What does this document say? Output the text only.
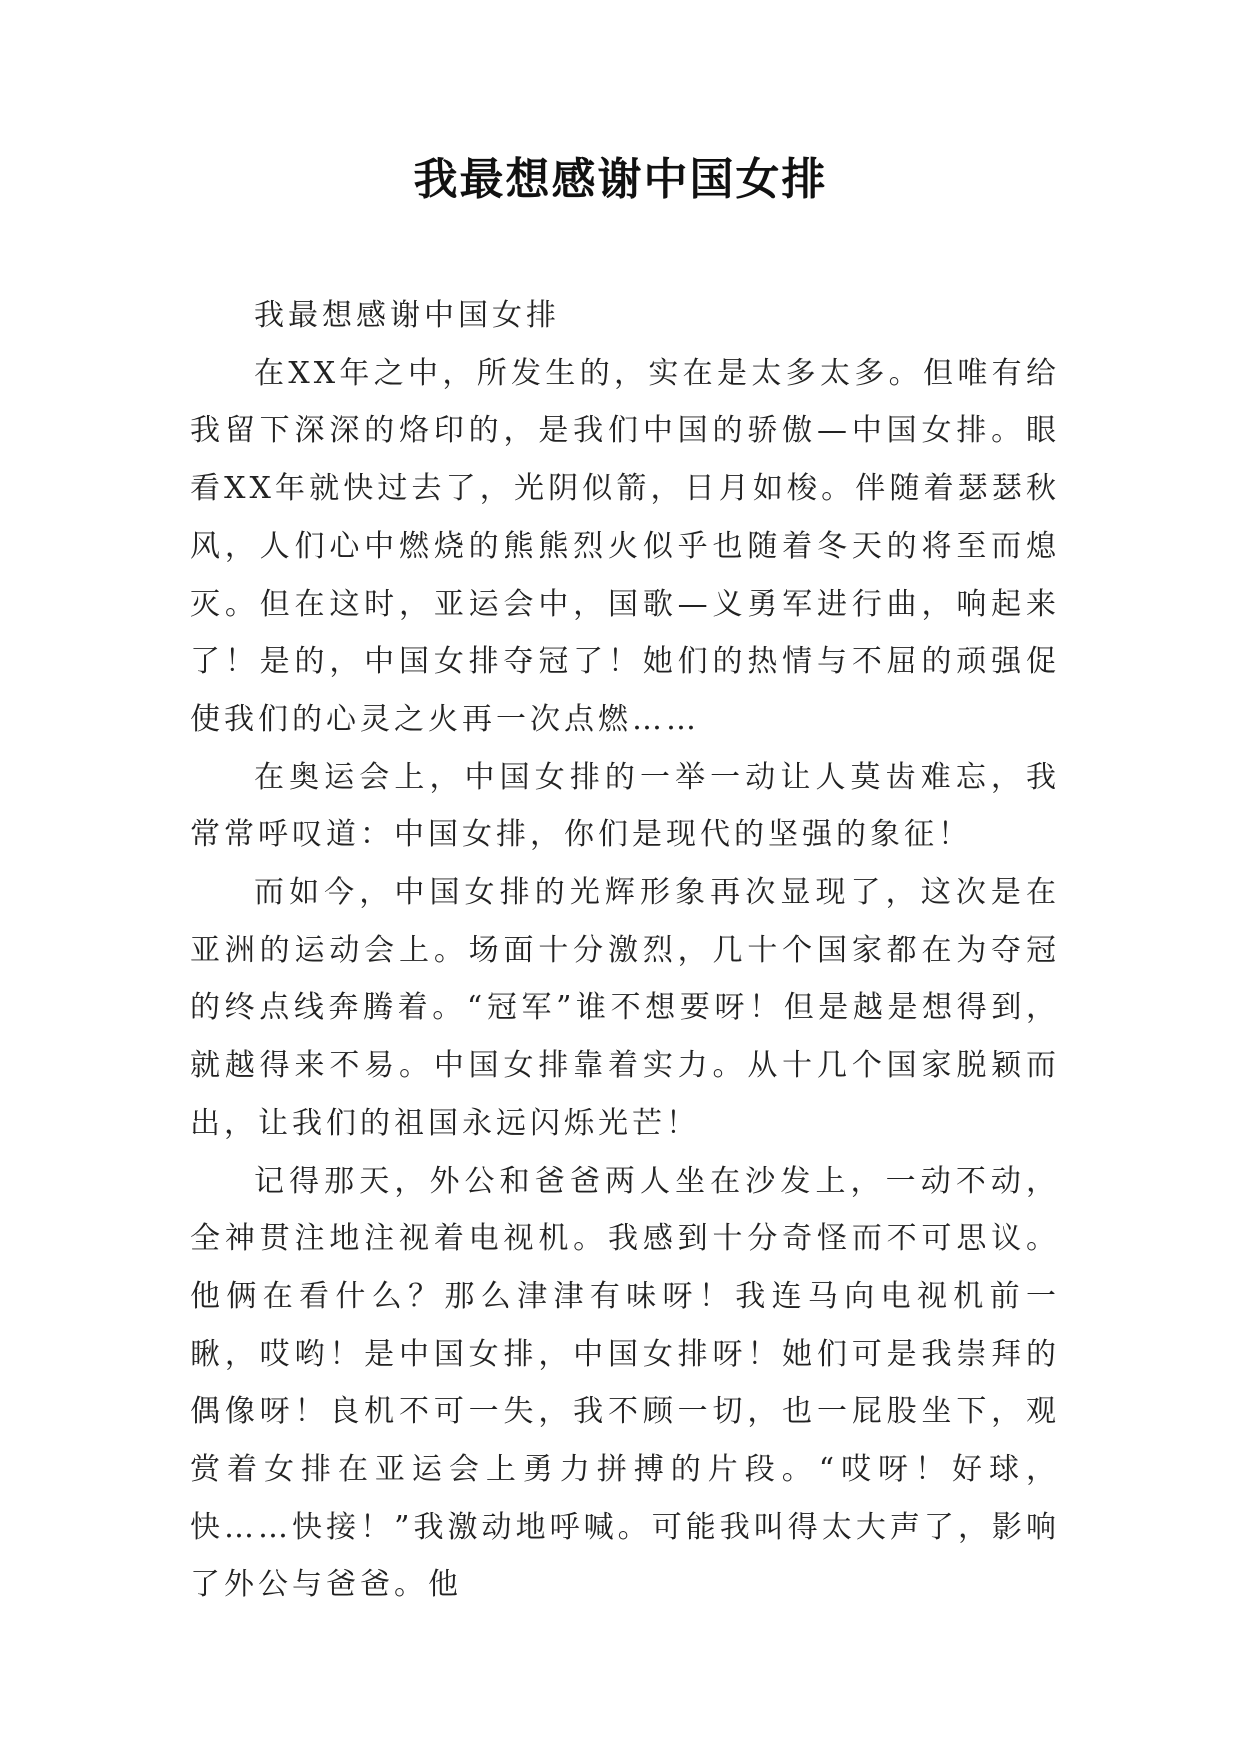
我最想感谢中国女排

我最想感谢中国女排

在XX年之中，所发生的，实在是太多太多。但唯有给我留下深深的烙印的，是我们中国的骄傲—中国女排。眼看XX年就快过去了，光阴似箭，日月如梭。伴随着瑟瑟秋风，人们心中燃烧的熊熊烈火似乎也随着冬天的将至而熄灭。但在这时，亚运会中，国歌—义勇军进行曲，响起来了！是的，中国女排夺冠了！她们的热情与不屈的顽强促使我们的心灵之火再一次点燃……

在奥运会上，中国女排的一举一动让人莫齿难忘，我常常呼叹道：中国女排，你们是现代的坚强的象征！

而如今，中国女排的光辉形象再次显现了，这次是在亚洲的运动会上。场面十分激烈，几十个国家都在为夺冠的终点线奔腾着。“冠军”谁不想要呀！但是越是想得到，就越得来不易。中国女排靠着实力。从十几个国家脱颖而出，让我们的祖国永远闪烁光芒！

记得那天，外公和爸爸两人坐在沙发上，一动不动，全神贯注地注视着电视机。我感到十分奇怪而不可思议。他俩在看什么？那么津津有味呀！我连马向电视机前一瞅，哎哟！是中国女排，中国女排呀！她们可是我崇拜的偶像呀！良机不可一失，我不顾一切，也一屁股坐下，观赏着女排在亚运会上勇力拼搏的片段。“哎呀！好球，快……快接！”我激动地呼喊。可能我叫得太大声了，影响了外公与爸爸。他
